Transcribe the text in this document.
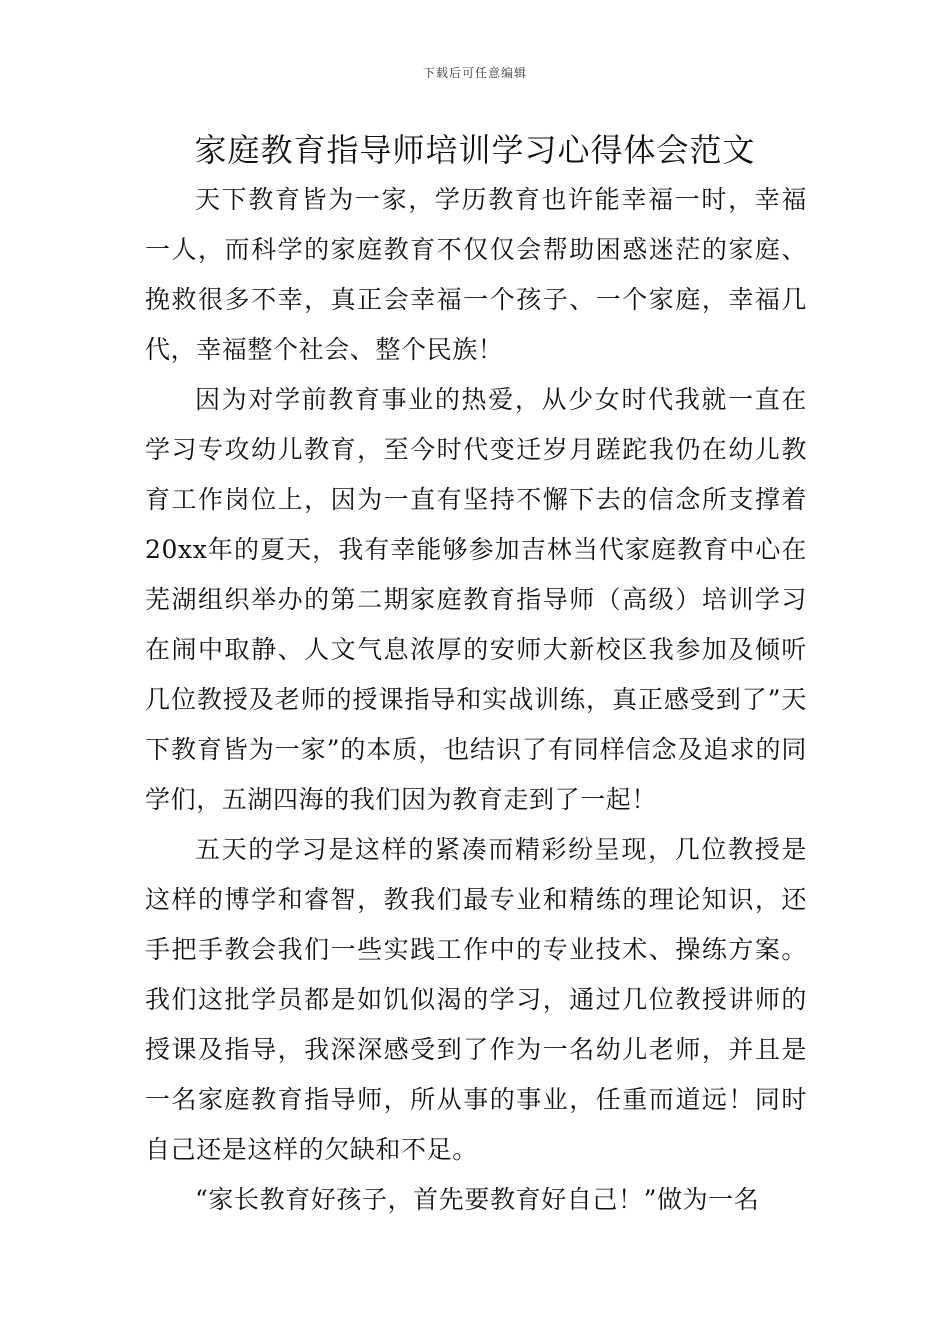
下载后可任意编辑
家庭教育指导师培训学习心得体会范文

天下教育皆为一家，学历教育也许能幸福一时，幸福一人，而科学的家庭教育不仅仅会帮助困惑迷茫的家庭、挽救很多不幸，真正会幸福一个孩子、一个家庭，幸福几代，幸福整个社会、整个民族！

因为对学前教育事业的热爱，从少女时代我就一直在学习专攻幼儿教育，至今时代变迁岁月蹉跎我仍在幼儿教育工作岗位上，因为一直有坚持不懈下去的信念所支撑着20xx年的夏天，我有幸能够参加吉林当代家庭教育中心在芜湖组织举办的第二期家庭教育指导师（高级）培训学习在闹中取静、人文气息浓厚的安师大新校区我参加及倾听几位教授及老师的授课指导和实战训练，真正感受到了”天下教育皆为一家”的本质，也结识了有同样信念及追求的同学们，五湖四海的我们因为教育走到了一起！

五天的学习是这样的紧凑而精彩纷呈现，几位教授是这样的博学和睿智，教我们最专业和精练的理论知识，还手把手教会我们一些实践工作中的专业技术、操练方案。我们这批学员都是如饥似渴的学习，通过几位教授讲师的授课及指导，我深深感受到了作为一名幼儿老师，并且是一名家庭教育指导师，所从事的事业，任重而道远！同时自己还是这样的欠缺和不足。

“家长教育好孩子，首先要教育好自己！”做为一名
